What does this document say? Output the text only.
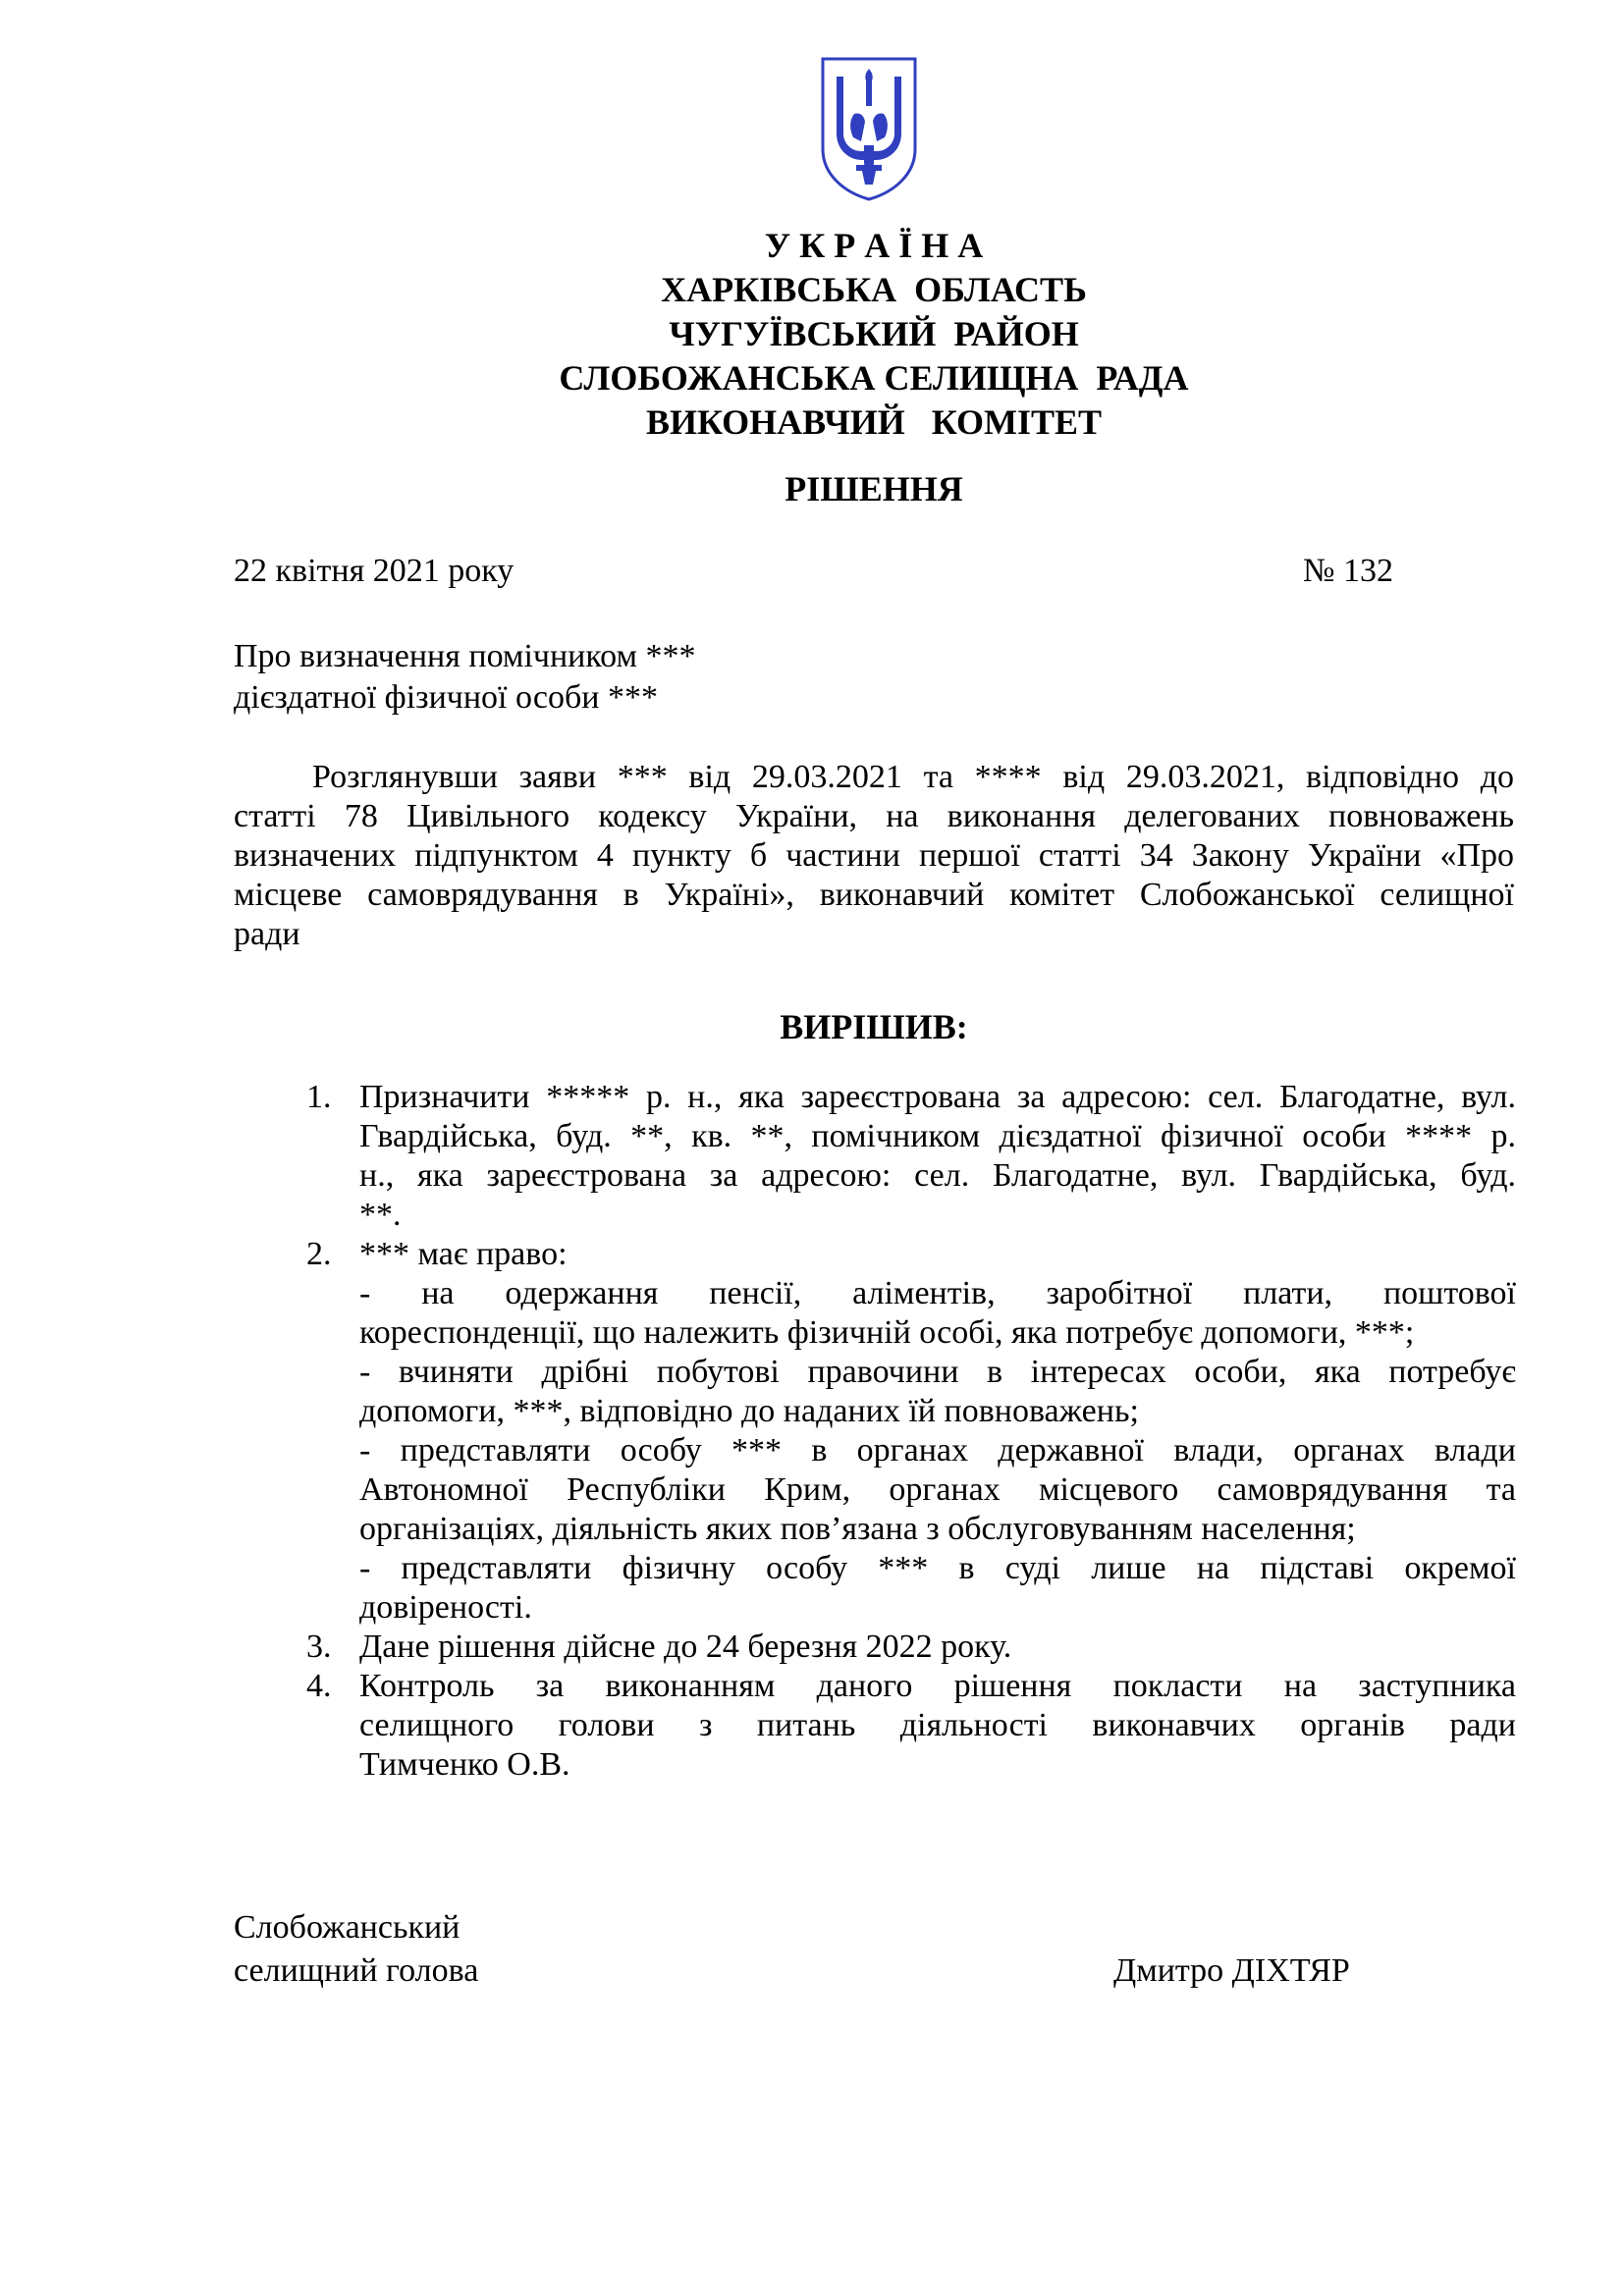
У К Р А Ї Н А
ХАРКІВСЬКА  ОБЛАСТЬ
ЧУГУЇВСЬКИЙ  РАЙОН
СЛОБОЖАНСЬКА СЕЛИЩНА  РАДА
ВИКОНАВЧИЙ   КОМІТЕТ
РІШЕННЯ
22 квітня 2021 року	№ 132
Про визначення помічником ***
дієздатної фізичної особи ***
Розглянувши заяви *** від 29.03.2021 та **** від 29.03.2021, відповідно до
статті 78 Цивільного кодексу України, на виконання делегованих повноважень
визначених підпунктом 4 пункту б частини першої статті 34 Закону України «Про
місцеве самоврядування в Україні», виконавчий комітет Слобожанської селищної
ради
ВИРІШИВ:
1. Призначити ***** р. н., яка зареєстрована за адресою: сел. Благодатне, вул.
Гвардійська, буд. **, кв. **, помічником дієздатної фізичної особи **** р.
н., яка зареєстрована за адресою: сел. Благодатне, вул. Гвардійська, буд.
**.
2. *** має право:
- на одержання пенсії, аліментів, заробітної плати, поштової
кореспонденції, що належить фізичній особі, яка потребує допомоги, ***;
- вчиняти дрібні побутові правочини в інтересах особи, яка потребує
допомоги, ***, відповідно до наданих їй повноважень;
- представляти особу *** в органах державної влади, органах влади
Автономної Республіки Крим, органах місцевого самоврядування та
організаціях, діяльність яких пов’язана з обслуговуванням населення;
- представляти фізичну особу *** в суді лише на підставі окремої
довіреності.
3. Дане рішення дійсне до 24 березня 2022 року.
4. Контроль за виконанням даного рішення покласти на заступника
селищного голови з питань діяльності виконавчих органів ради
Тимченко О.В.
Слобожанський
селищний голова	Дмитро ДІХТЯР
